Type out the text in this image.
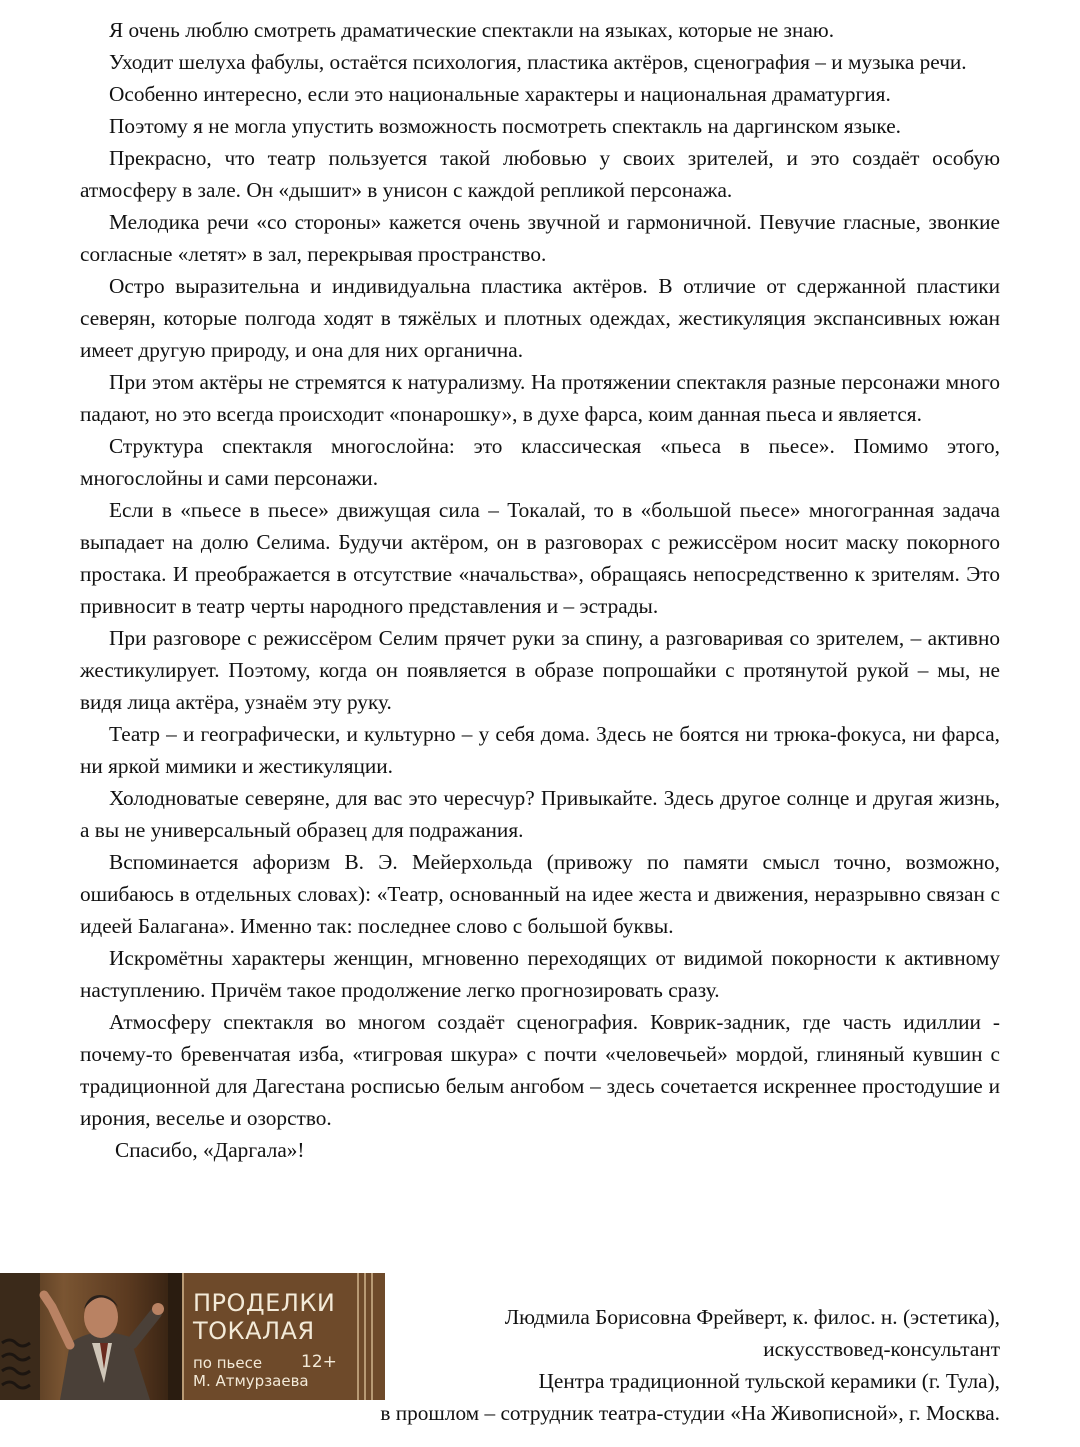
Я очень люблю смотреть драматические спектакли на языках, которые не знаю.

Уходит шелуха фабулы, остаётся психология, пластика актёров, сценография – и музыка речи.

Особенно интересно, если это национальные характеры и национальная драматургия.

Поэтому я не могла упустить возможность посмотреть спектакль на даргинском языке.

Прекрасно, что театр пользуется такой любовью у своих зрителей, и это создаёт особую атмосферу в зале. Он «дышит» в унисон с каждой репликой персонажа.

Мелодика речи «со стороны» кажется очень звучной и гармоничной. Певучие гласные, звонкие согласные «летят» в зал, перекрывая пространство.

Остро выразительна и индивидуальна пластика актёров. В отличие от сдержанной пластики северян, которые полгода ходят в тяжёлых и плотных одеждах, жестикуляция экспансивных южан имеет другую природу, и она для них органична.

При этом актёры не стремятся к натурализму. На протяжении спектакля разные персонажи много падают, но это всегда происходит «понарошку», в духе фарса, коим данная пьеса и является.

Структура спектакля многослойна: это классическая «пьеса в пьесе». Помимо этого, многослойны и сами персонажи.

Если в «пьесе в пьесе» движущая сила – Токалай, то в «большой пьесе» многогранная задача выпадает на долю Селима. Будучи актёром, он в разговорах с режиссёром носит маску покорного простака. И преображается в отсутствие «начальства», обращаясь непосредственно к зрителям. Это привносит в театр черты народного представления и – эстрады.

При разговоре с режиссёром Селим прячет руки за спину, а разговаривая со зрителем, – активно жестикулирует. Поэтому, когда он появляется в образе попрошайки с протянутой рукой – мы, не видя лица актёра, узнаём эту руку.

Театр – и географически, и культурно – у себя дома. Здесь не боятся ни трюка-фокуса, ни фарса, ни яркой мимики и жестикуляции.

Холодноватые северяне, для вас это чересчур? Привыкайте. Здесь другое солнце и другая жизнь, а вы не универсальный образец для подражания.

Вспоминается афоризм В. Э. Мейерхольда (привожу по памяти смысл точно, возможно, ошибаюсь в отдельных словах): «Театр, основанный на идее жеста и движения, неразрывно связан с идеей Балагана». Именно так: последнее слово с большой буквы.

Искромётны характеры женщин, мгновенно переходящих от видимой покорности к активному наступлению. Причём такое продолжение легко прогнозировать сразу.

Атмосферу спектакля во многом создаёт сценография. Коврик-задник, где часть идиллии - почему-то бревенчатая изба, «тигровая шкура» с почти «человечьей» мордой, глиняный кувшин с традиционной для Дагестана росписью белым ангобом – здесь сочетается искреннее простодушие и ирония, веселье и озорство.

Спасибо, «Даргала»!

ПРОДЕЛКИ
ТОКАЛАЯ
по пьесе
М. Атмурзаева
12+
Людмила Борисовна Фрейверт, к. филос. н. (эстетика),
искусствовед-консультант
Центра традиционной тульской керамики (г. Тула),
в прошлом – сотрудник театра-студии «На Живописной», г. Москва.
